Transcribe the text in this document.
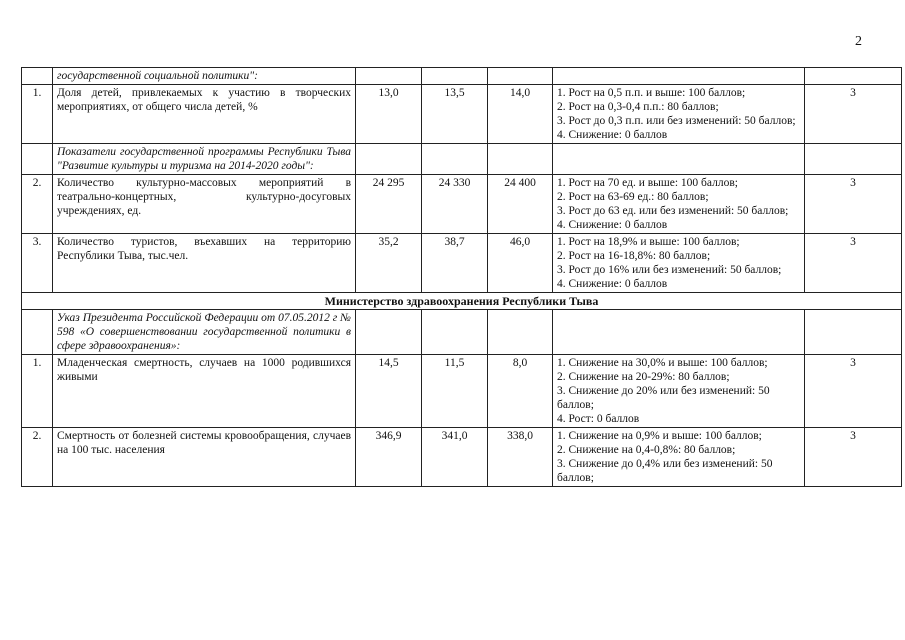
2
	государственной социальной политики":					
1.	Доля детей, привлекаемых к участию в творческих мероприятиях, от общего числа детей, %	13,0	13,5	14,0	1. Рост на 0,5 п.п. и выше: 100 баллов;
2. Рост на 0,3-0,4 п.п.: 80 баллов;
3. Рост до 0,3 п.п. или без изменений: 50 баллов;
4. Снижение: 0 баллов	3
	Показатели государственной программы Республики Тыва "Развитие культуры и туризма на 2014-2020 годы":					
2.	Количество культурно-массовых мероприятий в театрально-концертных, культурно-досуговых учреждениях, ед.	24 295	24 330	24 400	1. Рост на 70 ед. и выше: 100 баллов;
2. Рост на 63-69 ед.: 80 баллов;
3. Рост до 63 ед. или без изменений: 50 баллов;
4. Снижение: 0 баллов	3
3.	Количество туристов, въехавших на территорию Республики Тыва, тыс.чел.	35,2	38,7	46,0	1. Рост на 18,9% и выше: 100 баллов;
2. Рост на 16-18,8%: 80 баллов;
3. Рост до 16% или без изменений: 50 баллов;
4. Снижение: 0 баллов	3
Министерство здравоохранения Республики Тыва						
	Указ Президента Российской Федерации от 07.05.2012 г № 598 «О совершенствовании государственной политики в сфере здравоохранения»:					
1.	Младенческая смертность, случаев на 1000 родившихся живыми	14,5	11,5	8,0	1. Снижение на 30,0% и выше: 100 баллов;
2. Снижение на 20-29%: 80 баллов;
3. Снижение до 20% или без изменений: 50 баллов;
4. Рост: 0 баллов	3
2.	Смертность от болезней системы кровообращения, случаев на 100 тыс. населения	346,9	341,0	338,0	1. Снижение на 0,9% и выше: 100 баллов;
2. Снижение на 0,4-0,8%: 80 баллов;
3. Снижение до 0,4% или без изменений: 50 баллов;	3
